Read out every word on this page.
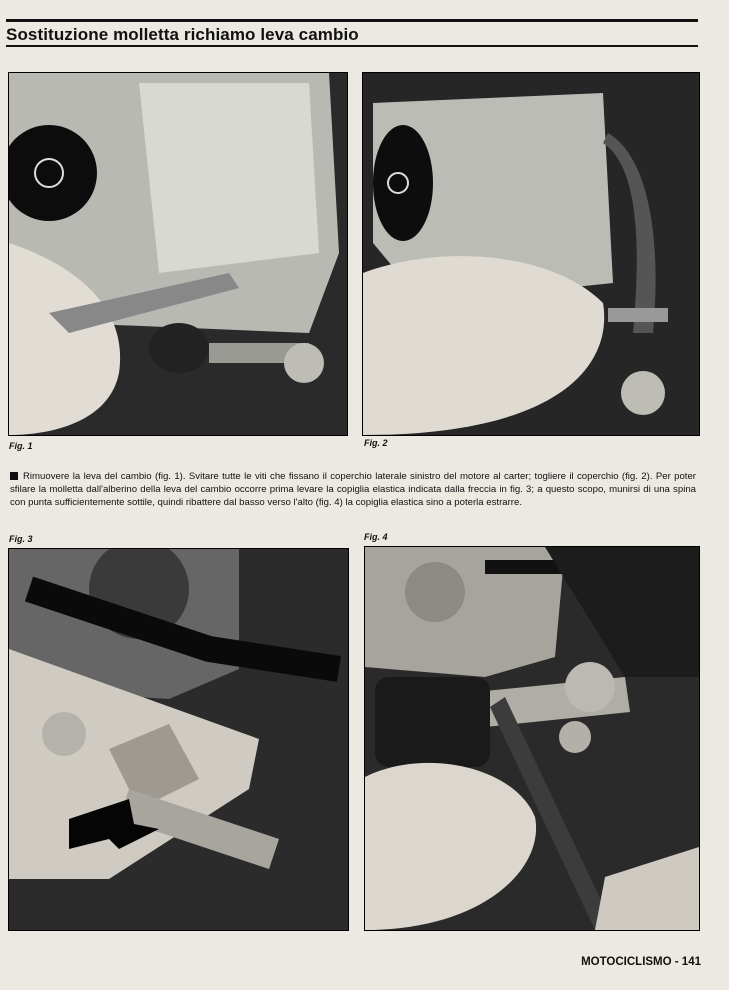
Sostituzione molletta richiamo leva cambio
Fig. 1	Fig. 2
Rimuovere la leva del cambio (fig. 1). Svitare tutte le viti che fissano il coperchio laterale sinistro del motore al carter; togliere il coperchio (fig. 2). Per poter sfilare la molletta dall'alberino della leva del cambio occorre prima levare la copiglia elastica indicata dalla freccia in fig. 3; a questo scopo, munirsi di una spina con punta sufficientemente sottile, quindi ribattere dal basso verso l'alto (fig. 4) la copiglia elastica sino a poterla estrarre.
Fig. 3	Fig. 4
MOTOCICLISMO - 141
